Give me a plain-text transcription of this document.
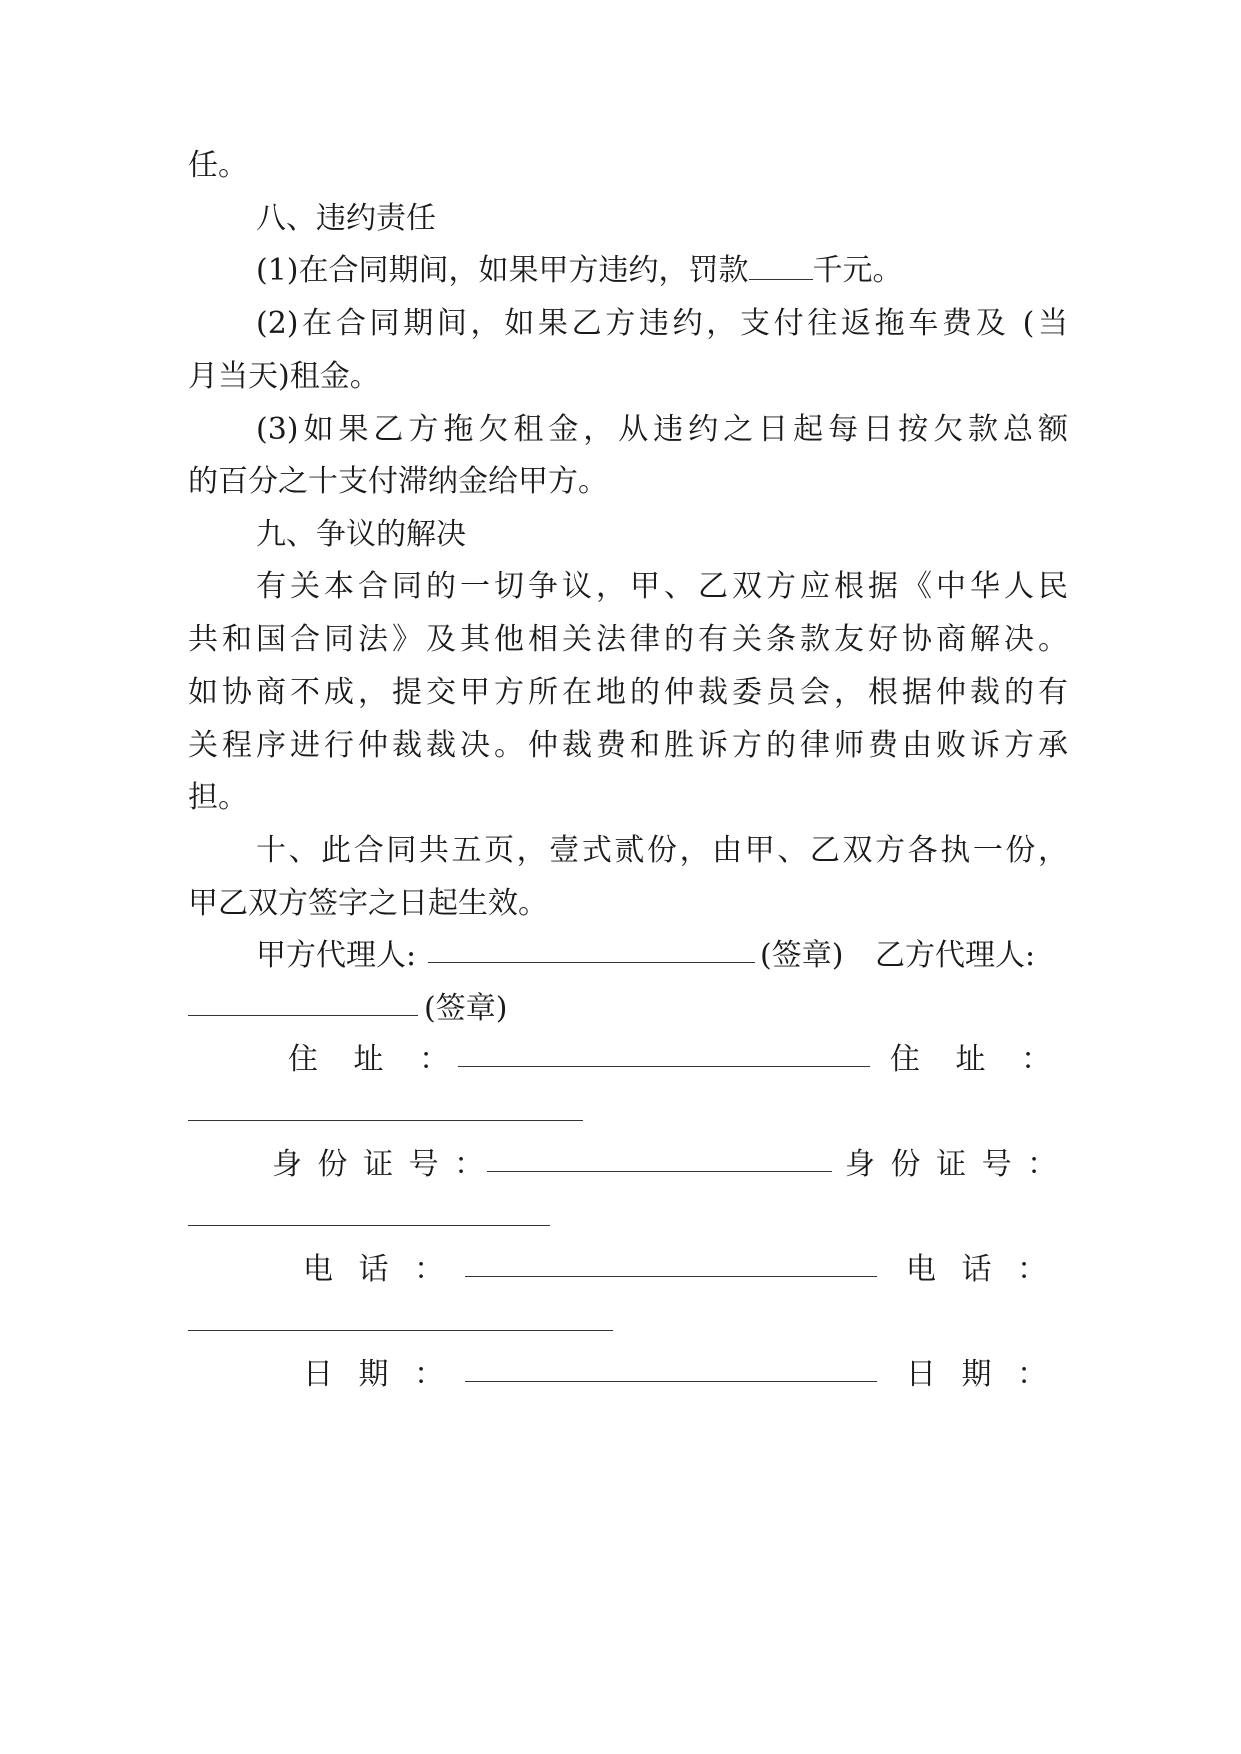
任。
八、违约责任
(1)在合同期间，如果甲方违约，罚款 千元。
(2)在合同期间，如果乙方违约，支付往返拖车费及 (当
月当天)租金。
(3)如果乙方拖欠租金，从违约之日起每日按欠款总额
的百分之十支付滞纳金给甲方。
九、争议的解决
有关本合同的一切争议，甲、乙双方应根据《中华人民
共和国合同法》及其他相关法律的有关条款友好协商解决。
如协商不成，提交甲方所在地的仲裁委员会，根据仲裁的有
关程序进行仲裁裁决。仲裁费和胜诉方的律师费由败诉方承
担。
十、此合同共五页，壹式贰份，由甲、乙双方各执一份，
甲乙双方签字之日起生效。
甲方代理人:	(签章) 乙方代理人:
(签章)
住 址 ：	住 址 ：
身 份 证 号 ：	身 份 证 号 ：
电 话 ：	电 话 ：
日 期 ：	日 期 ：
